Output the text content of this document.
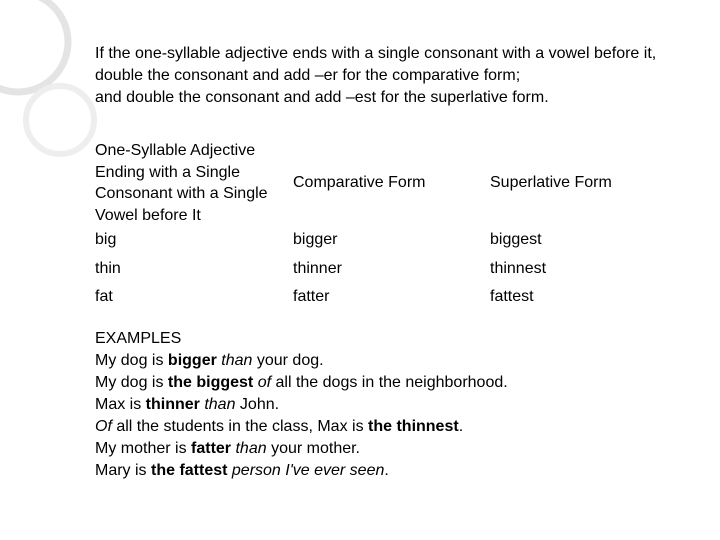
If the one-syllable adjective ends with a single consonant with a vowel before it,
double the consonant and add –er for the comparative form;
and double the consonant and add –est for the superlative form.
One-Syllable Adjective Ending with a Single Consonant with a Single Vowel before It	Comparative Form	Superlative Form
big	bigger	biggest
thin	thinner	thinnest
fat	fatter	fattest
EXAMPLES
My dog is bigger than your dog.
My dog is the biggest of all the dogs in the neighborhood.
Max is thinner than John.
Of all the students in the class, Max is the thinnest.
My mother is fatter than your mother.
Mary is the fattest person I've ever seen.
